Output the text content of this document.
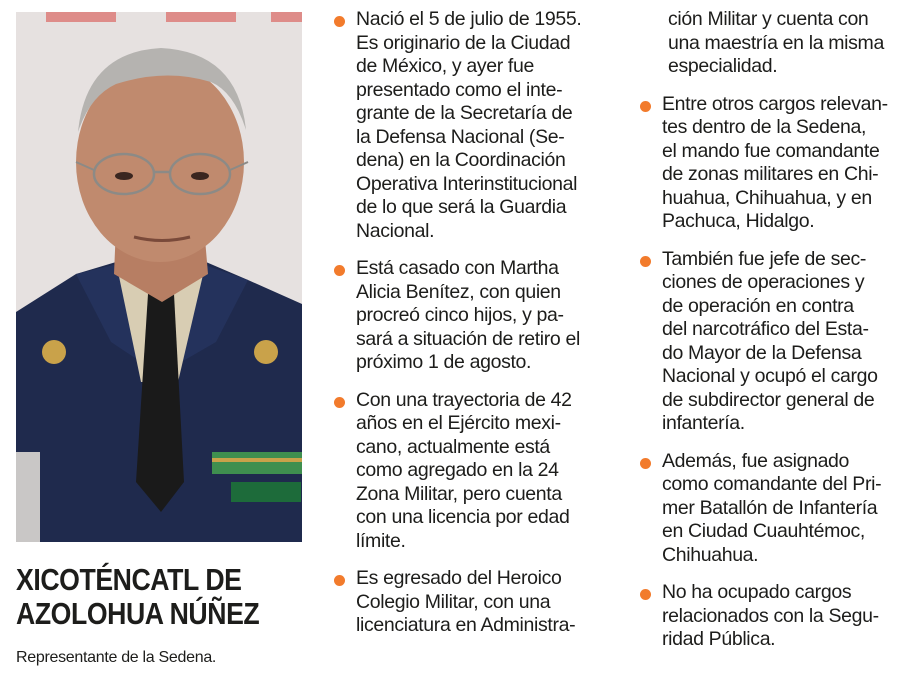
XICOTÉNCATL DE
AZOLOHUA NÚÑEZ
Representante de la Sedena.
Nació el 5 de julio de 1955.
Es originario de la Ciudad
de México, y ayer fue
presentado como el inte-
grante de la Secretaría de
la Defensa Nacional (Se-
dena) en la Coordinación
Operativa Interinstitucional
de lo que será la Guardia
Nacional.
Está casado con Martha
Alicia Benítez, con quien
procreó cinco hijos, y pa-
sará a situación de retiro el
próximo 1 de agosto.
Con una trayectoria de 42
años en el Ejército mexi-
cano, actualmente está
como agregado en la 24
Zona Militar, pero cuenta
con una licencia por edad
límite.
Es egresado del Heroico
Colegio Militar, con una
licenciatura en Administra-
ción Militar y cuenta con
una maestría en la misma
especialidad.
Entre otros cargos relevan-
tes dentro de la Sedena,
el mando fue comandante
de zonas militares en Chi-
huahua, Chihuahua, y en
Pachuca, Hidalgo.
También fue jefe de sec-
ciones de operaciones y
de operación en contra
del narcotráfico del Esta-
do Mayor de la Defensa
Nacional y ocupó el cargo
de subdirector general de
infantería.
Además, fue asignado
como comandante del Pri-
mer Batallón de Infantería
en Ciudad Cuauhtémoc,
Chihuahua.
No ha ocupado cargos
relacionados con la Segu-
ridad Pública.
